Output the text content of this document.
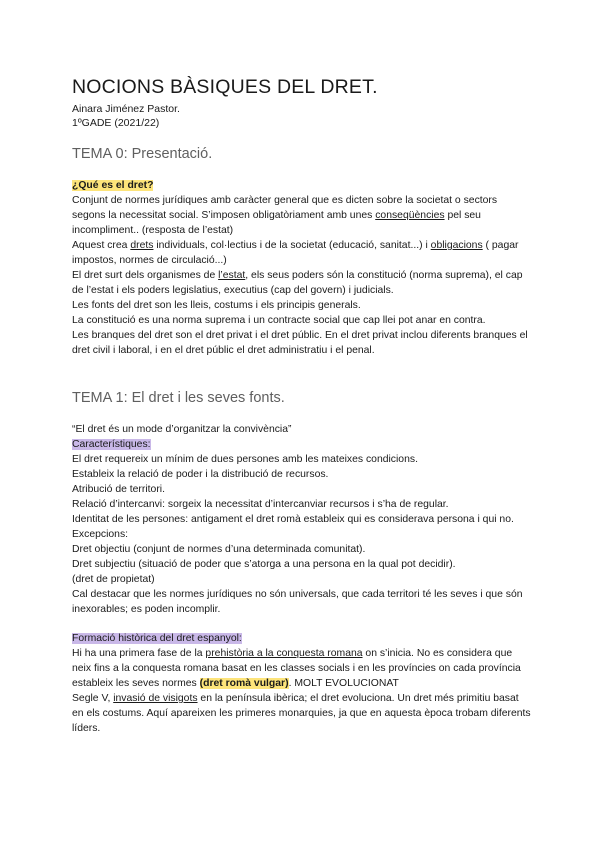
NOCIONS BÀSIQUES DEL DRET.
Ainara Jiménez Pastor.
1ºGADE (2021/22)
TEMA 0: Presentació.

¿Qué es el dret?

Conjunt de normes jurídiques amb caràcter general que es dicten sobre la societat o sectors segons la necessitat social. S’imposen obligatòriament amb unes conseqüències pel seu incompliment.. (resposta de l’estat)

Aquest crea drets individuals, col·lectius i de la societat (educació, sanitat...) i obligacions ( pagar impostos, normes de circulació...)

El dret surt dels organismes de l’estat, els seus poders són la constitució (norma suprema), el cap de l’estat i els poders legislatius, executius (cap del govern) i judicials.

Les fonts del dret son les lleis, costums i els principis generals.

La constitució es una norma suprema i un contracte social que cap llei pot anar en contra.

Les branques del dret son el dret privat i el dret públic. En el dret privat inclou diferents branques el dret civil i laboral, i en el dret públic el dret administratiu i el penal.

TEMA 1: El dret i les seves fonts.

“El dret és un mode d’organitzar la convivència”

Característiques:

El dret requereix un mínim de dues persones amb les mateixes condicions.

Estableix la relació de poder i la distribució de recursos.

Atribució de territori.

Relació d’intercanvi: sorgeix la necessitat d’intercanviar recursos i s’ha de regular.

Identitat de les persones: antigament el dret romà estableix qui es considerava persona i qui no.

Excepcions:

Dret objectiu (conjunt de normes d’una determinada comunitat).

Dret subjectiu (situació de poder que s’atorga a una persona en la qual pot decidir).

(dret de propietat)

Cal destacar que les normes jurídiques no són universals, que cada territori té les seves i que són inexorables; es poden incomplir.

Formació històrica del dret espanyol:

Hi ha una primera fase de la prehistòria a la conquesta romana on s’inicia. No es considera que neix fins a la conquesta romana basat en les classes socials i en les províncies on cada província estableix les seves normes (dret romà vulgar). MOLT EVOLUCIONAT

Segle V, invasió de visigots en la península ibèrica; el dret evoluciona. Un dret més primitiu basat en els costums. Aquí apareixen les primeres monarquies, ja que en aquesta època trobam diferents líders.
